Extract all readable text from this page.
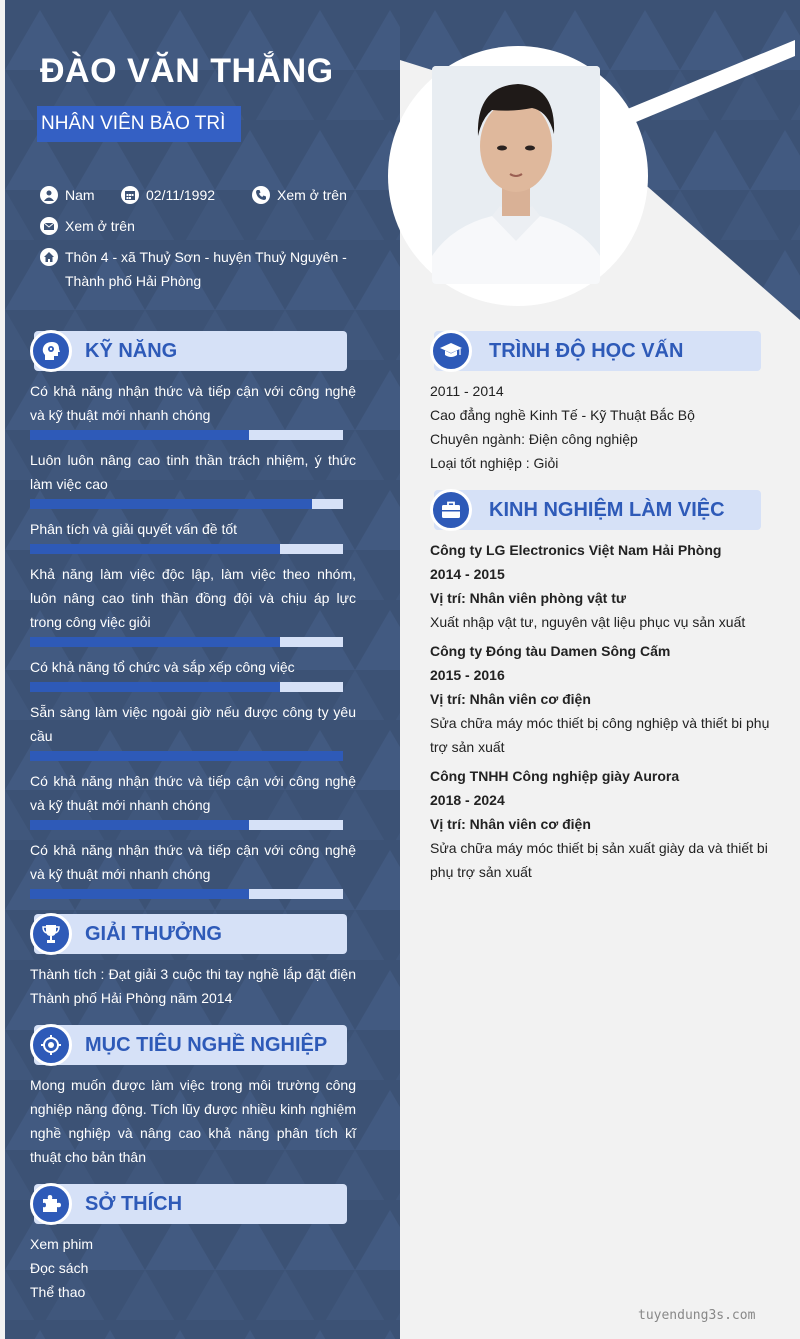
ĐÀO VĂN THẮNG
NHÂN VIÊN BẢO TRÌ
Nam	02/11/1992	Xem ở trên
Xem ở trên
Thôn 4 - xã Thuỷ Sơn - huyện Thuỷ Nguyên - Thành phố Hải Phòng
KỸ NĂNG
Có khả năng nhận thức và tiếp cận với công nghệ và kỹ thuật mới nhanh chóng
Luôn luôn nâng cao tinh thần trách nhiệm, ý thức làm việc cao
Phân tích và giải quyết vấn đề tốt
Khả năng làm việc độc lập, làm việc theo nhóm, luôn nâng cao tinh thần đồng đội và chịu áp lực trong công việc giỏi
Có khả năng tổ chức và sắp xếp công việc
Sẵn sàng làm việc ngoài giờ nếu được công ty yêu cầu
Có khả năng nhận thức và tiếp cận với công nghệ và kỹ thuật mới nhanh chóng
Có khả năng nhận thức và tiếp cận với công nghệ và kỹ thuật mới nhanh chóng
GIẢI THƯỞNG
Thành tích : Đạt giải 3 cuộc thi tay nghề lắp đặt điện Thành phố Hải Phòng năm 2014
MỤC TIÊU NGHỀ NGHIỆP
Mong muốn được làm việc trong môi trường công nghiệp năng động. Tích lũy được nhiều kinh nghiệm nghề nghiệp và nâng cao khả năng phân tích kĩ thuật cho bản thân
SỞ THÍCH
Xem phim
Đọc sách
Thể thao
TRÌNH ĐỘ HỌC VẤN
2011 - 2014
Cao đẳng nghề Kinh Tế - Kỹ Thuật Bắc Bộ
Chuyên ngành: Điện công nghiệp
Loại tốt nghiệp : Giỏi
KINH NGHIỆM LÀM VIỆC
Công ty LG Electronics Việt Nam Hải Phòng
2014 - 2015
Vị trí: Nhân viên phòng vật tư
Xuất nhập vật tư, nguyên vật liệu phục vụ sản xuất
Công ty Đóng tàu Damen Sông Cấm
2015 - 2016
Vị trí: Nhân viên cơ điện
Sửa chữa máy móc thiết bị công nghiệp và thiết bi phụ trợ sản xuất
Công TNHH Công nghiệp giày Aurora
2018 - 2024
Vị trí: Nhân viên cơ điện
Sửa chữa máy móc thiết bị sản xuất giày da và thiết bi phụ trợ sản xuất
tuyendung3s.com
